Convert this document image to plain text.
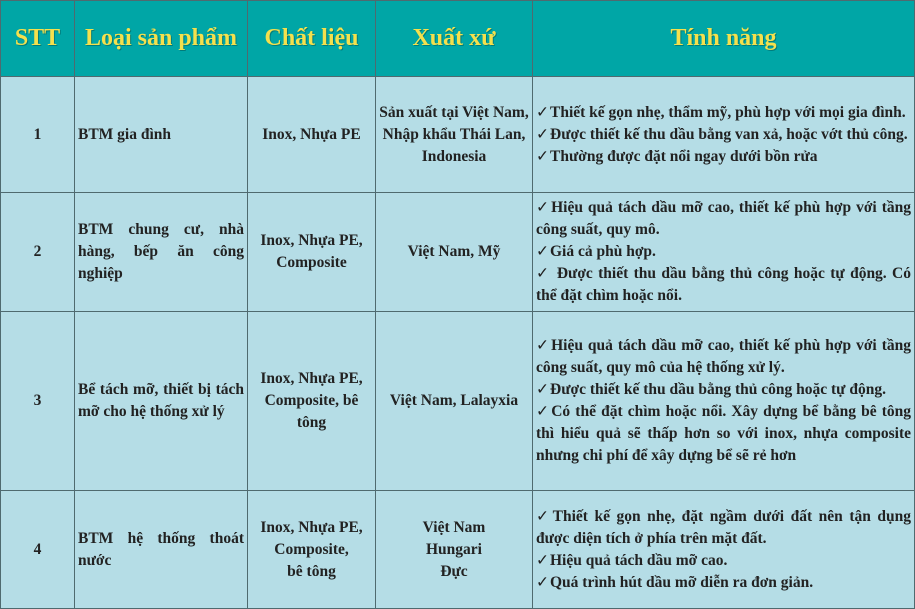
STT	Loại sản phẩm	Chất liệu	Xuất xứ	Tính năng
1	BTM gia đình	Inox, Nhựa PE	Sản xuất tại Việt Nam,
Nhập khẩu Thái Lan, Indonesia	✓Thiết kế gọn nhẹ, thẩm mỹ, phù hợp với mọi gia đình.
✓Được thiết kế thu dầu bằng van xả, hoặc vớt thủ công.
✓Thường được đặt nổi ngay dưới bồn rửa

2	BTM chung cư, nhà hàng, bếp ăn công nghiệp	Inox, Nhựa PE,
Composite	Việt Nam, Mỹ	✓Hiệu quả tách dầu mỡ cao, thiết kế phù hợp với tầng công suất, quy mô.
✓Giá cả phù hợp.
✓ Được thiết thu dầu bằng thủ công hoặc tự động. Có thể đặt chìm hoặc nổi.

3	Bể tách mỡ, thiết bị tách mỡ cho hệ thống xử lý	Inox, Nhựa PE,
Composite, bê tông	Việt Nam, Lalayxia	✓Hiệu quả tách dầu mỡ cao, thiết kế phù hợp với tầng công suất, quy mô của hệ thống xử lý.
✓Được thiết kế thu dầu bằng thủ công hoặc tự động.
✓Có thể đặt chìm hoặc nổi. Xây dựng bể bằng bê tông thì hiểu quả sẽ thấp hơn so với inox, nhựa composite nhưng chi phí để xây dựng bể sẽ rẻ hơn

4	BTM hệ thống thoát nước	Inox, Nhựa PE,
Composite,
bê tông	Việt Nam
Hungari
Đực	✓Thiết kế gọn nhẹ, đặt ngầm dưới đất nên tận dụng được diện tích ở phía trên mặt đất.
✓Hiệu quả tách dầu mỡ cao.
✓Quá trình hút dầu mỡ diễn ra đơn giản.
